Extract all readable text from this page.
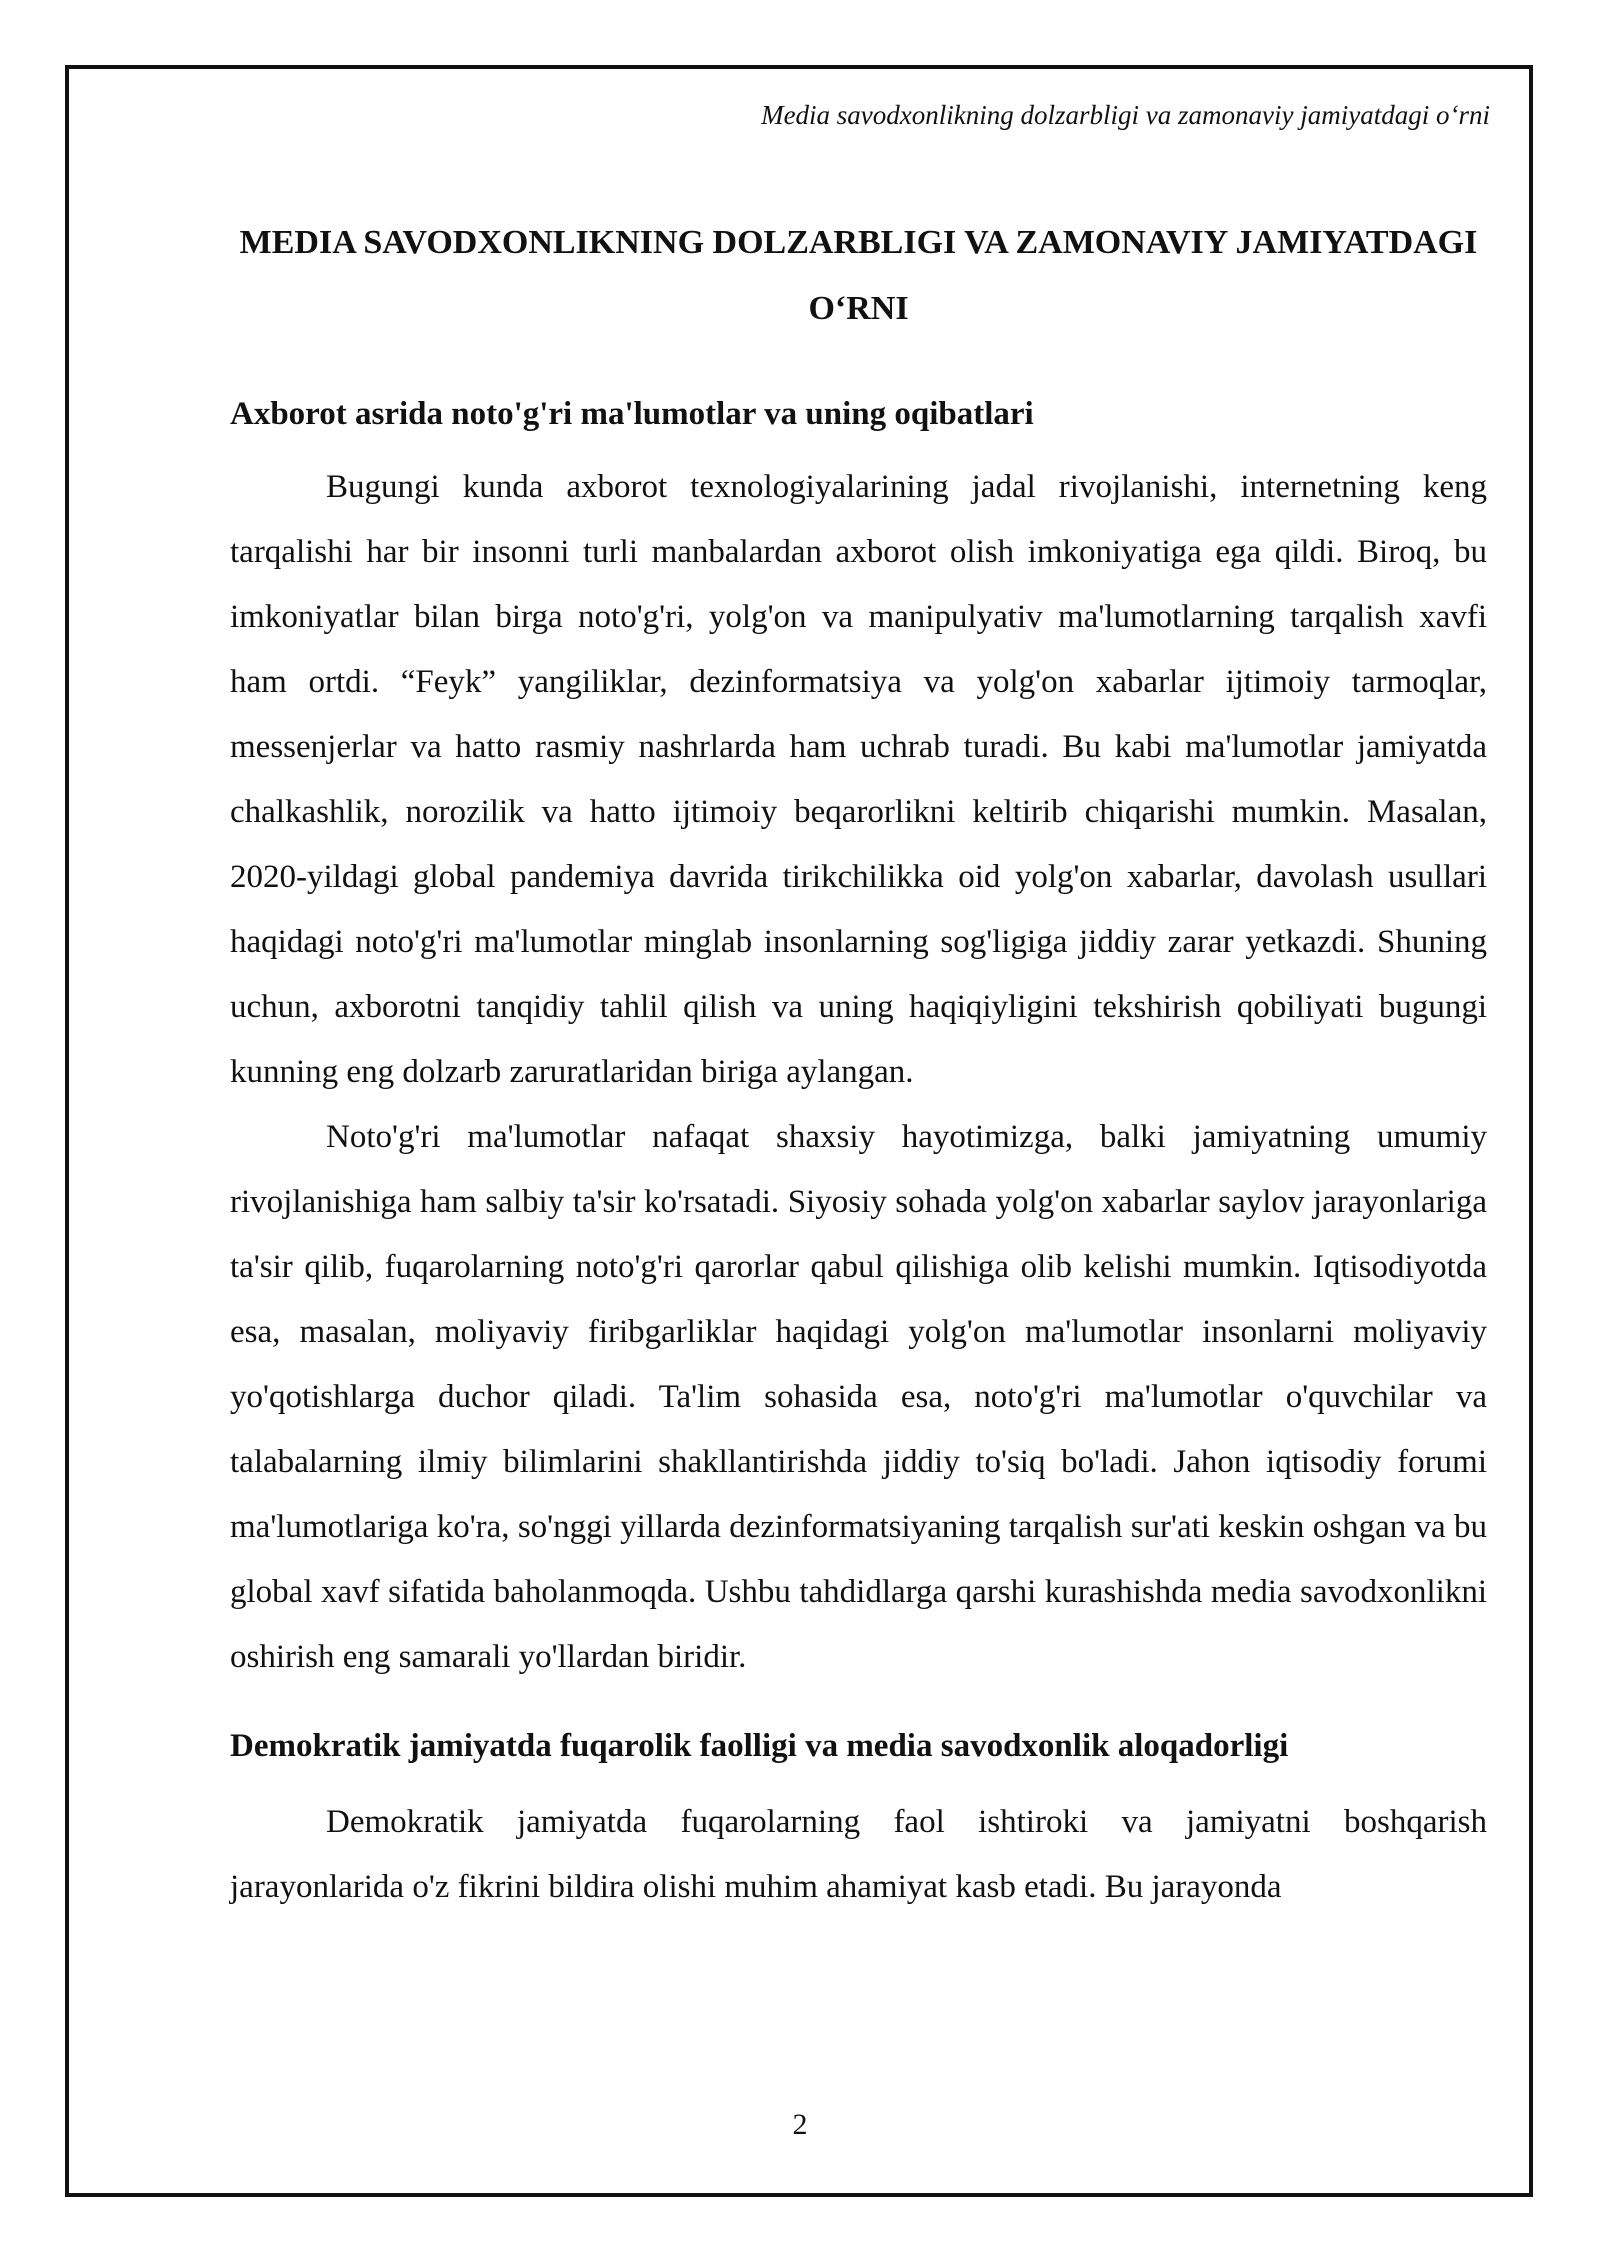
Media savodxonlikning dolzarbligi va zamonaviy jamiyatdagi o‘rni
MEDIA SAVODXONLIKNING DOLZARBLIGI VA ZAMONAVIY JAMIYATDAGI O‘RNI
Axborot asrida noto'g'ri ma'lumotlar va uning oqibatlari

Bugungi kunda axborot texnologiyalarining jadal rivojlanishi, internetning keng tarqalishi har bir insonni turli manbalardan axborot olish imkoniyatiga ega qildi. Biroq, bu imkoniyatlar bilan birga noto'g'ri, yolg'on va manipulyativ ma'lumotlarning tarqalish xavfi ham ortdi. “Feyk” yangiliklar, dezinformatsiya va yolg'on xabarlar ijtimoiy tarmoqlar, messenjerlar va hatto rasmiy nashrlarda ham uchrab turadi. Bu kabi ma'lumotlar jamiyatda chalkashlik, norozilik va hatto ijtimoiy beqarorlikni keltirib chiqarishi mumkin. Masalan, 2020-yildagi global pandemiya davrida tirikchilikka oid yolg'on xabarlar, davolash usullari haqidagi noto'g'ri ma'lumotlar minglab insonlarning sog'ligiga jiddiy zarar yetkazdi. Shuning uchun, axborotni tanqidiy tahlil qilish va uning haqiqiyligini tekshirish qobiliyati bugungi kunning eng dolzarb zaruratlaridan biriga aylangan.

Noto'g'ri ma'lumotlar nafaqat shaxsiy hayotimizga, balki jamiyatning umumiy rivojlanishiga ham salbiy ta'sir ko'rsatadi. Siyosiy sohada yolg'on xabarlar saylov jarayonlariga ta'sir qilib, fuqarolarning noto'g'ri qarorlar qabul qilishiga olib kelishi mumkin. Iqtisodiyotda esa, masalan, moliyaviy firibgarliklar haqidagi yolg'on ma'lumotlar insonlarni moliyaviy yo'qotishlarga duchor qiladi. Ta'lim sohasida esa, noto'g'ri ma'lumotlar o'quvchilar va talabalarning ilmiy bilimlarini shakllantirishda jiddiy to'siq bo'ladi. Jahon iqtisodiy forumi ma'lumotlariga ko'ra, so'nggi yillarda dezinformatsiyaning tarqalish sur'ati keskin oshgan va bu global xavf sifatida baholanmoqda. Ushbu tahdidlarga qarshi kurashishda media savodxonlikni oshirish eng samarali yo'llardan biridir.

Demokratik jamiyatda fuqarolik faolligi va media savodxonlik aloqadorligi

Demokratik jamiyatda fuqarolarning faol ishtiroki va jamiyatni boshqarish jarayonlarida o'z fikrini bildira olishi muhim ahamiyat kasb etadi. Bu jarayonda

2
